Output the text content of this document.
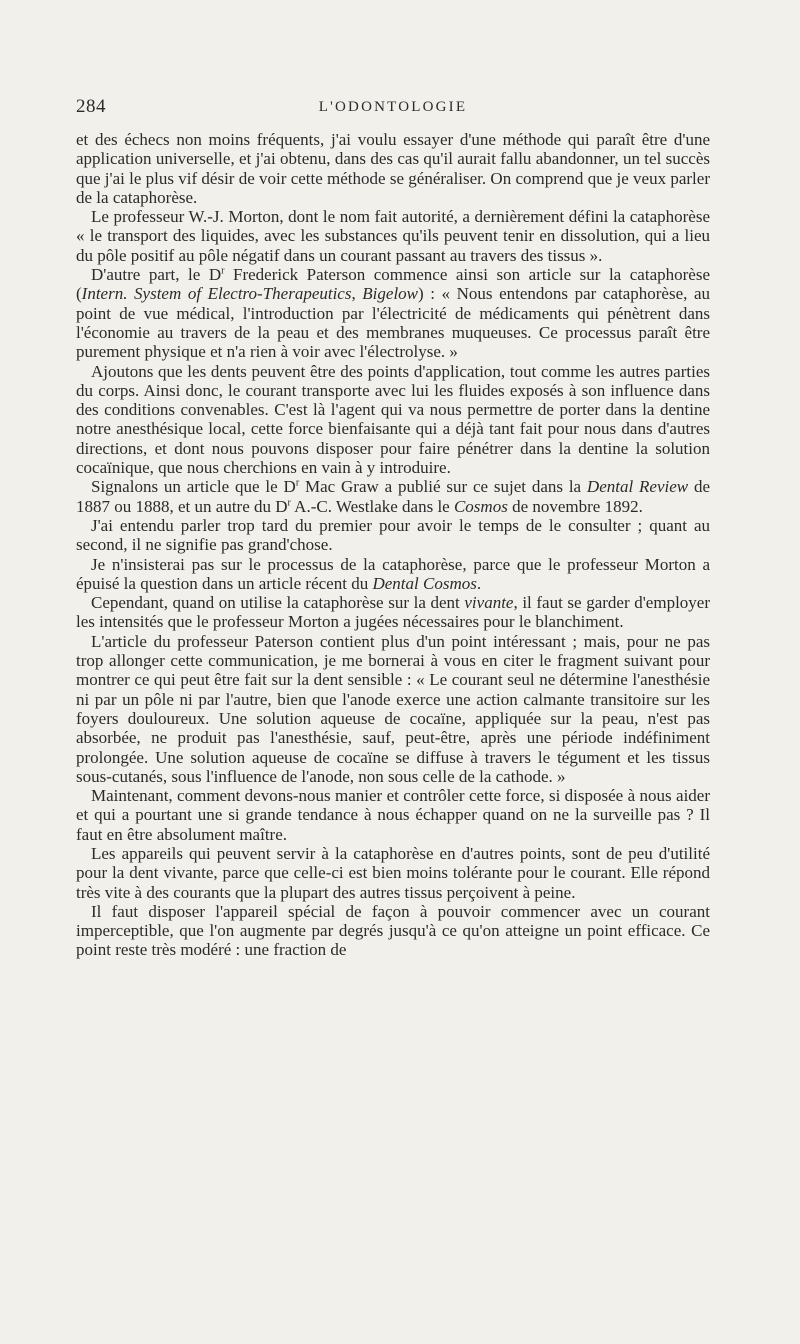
284	L'ODONTOLOGIE

et des échecs non moins fréquents, j'ai voulu essayer d'une méthode qui paraît être d'une application universelle, et j'ai obtenu, dans des cas qu'il aurait fallu abandonner, un tel succès que j'ai le plus vif désir de voir cette méthode se généraliser. On comprend que je veux parler de la cataphorèse.

Le professeur W.-J. Morton, dont le nom fait autorité, a dernièrement défini la cataphorèse « le transport des liquides, avec les substances qu'ils peuvent tenir en dissolution, qui a lieu du pôle positif au pôle négatif dans un courant passant au travers des tissus ».

D'autre part, le $D^r$ Frederick Paterson commence ainsi son article sur la cataphorèse (Intern. System of Electro-Therapeutics, Bigelow) : « Nous entendons par cataphorèse, au point de vue médical, l'introduction par l'électricité de médicaments qui pénètrent dans l'économie au travers de la peau et des membranes muqueuses. Ce processus paraît être purement physique et n'a rien à voir avec l'électrolyse. »

Ajoutons que les dents peuvent être des points d'application, tout comme les autres parties du corps. Ainsi donc, le courant transporte avec lui les fluides exposés à son influence dans des conditions convenables. C'est là l'agent qui va nous permettre de porter dans la dentine notre anesthésique local, cette force bienfaisante qui a déjà tant fait pour nous dans d'autres directions, et dont nous pouvons disposer pour faire pénétrer dans la dentine la solution cocaïnique, que nous cherchions en vain à y introduire.

Signalons un article que le $D^r$ Mac Graw a publié sur ce sujet dans la Dental Review de 1887 ou 1888, et un autre du $D^r$ A.-C. Westlake dans le Cosmos de novembre 1892.

J'ai entendu parler trop tard du premier pour avoir le temps de le consulter ; quant au second, il ne signifie pas grand'chose.

Je n'insisterai pas sur le processus de la cataphorèse, parce que le professeur Morton a épuisé la question dans un article récent du Dental Cosmos.

Cependant, quand on utilise la cataphorèse sur la dent vivante, il faut se garder d'employer les intensités que le professeur Morton a jugées nécessaires pour le blanchiment.

L'article du professeur Paterson contient plus d'un point intéressant ; mais, pour ne pas trop allonger cette communication, je me bornerai à vous en citer le fragment suivant pour montrer ce qui peut être fait sur la dent sensible : « Le courant seul ne détermine l'anesthésie ni par un pôle ni par l'autre, bien que l'anode exerce une action calmante transitoire sur les foyers douloureux. Une solution aqueuse de cocaïne, appliquée sur la peau, n'est pas absorbée, ne produit pas l'anesthésie, sauf, peut-être, après une période indéfiniment prolongée. Une solution aqueuse de cocaïne se diffuse à travers le tégument et les tissus sous-cutanés, sous l'influence de l'anode, non sous celle de la cathode. »

Maintenant, comment devons-nous manier et contrôler cette force, si disposée à nous aider et qui a pourtant une si grande tendance à nous échapper quand on ne la surveille pas ? Il faut en être absolument maître.

Les appareils qui peuvent servir à la cataphorèse en d'autres points, sont de peu d'utilité pour la dent vivante, parce que celle-ci est bien moins tolérante pour le courant. Elle répond très vite à des courants que la plupart des autres tissus perçoivent à peine.

Il faut disposer l'appareil spécial de façon à pouvoir commencer avec un courant imperceptible, que l'on augmente par degrés jusqu'à ce qu'on atteigne un point efficace. Ce point reste très modéré : une fraction de
